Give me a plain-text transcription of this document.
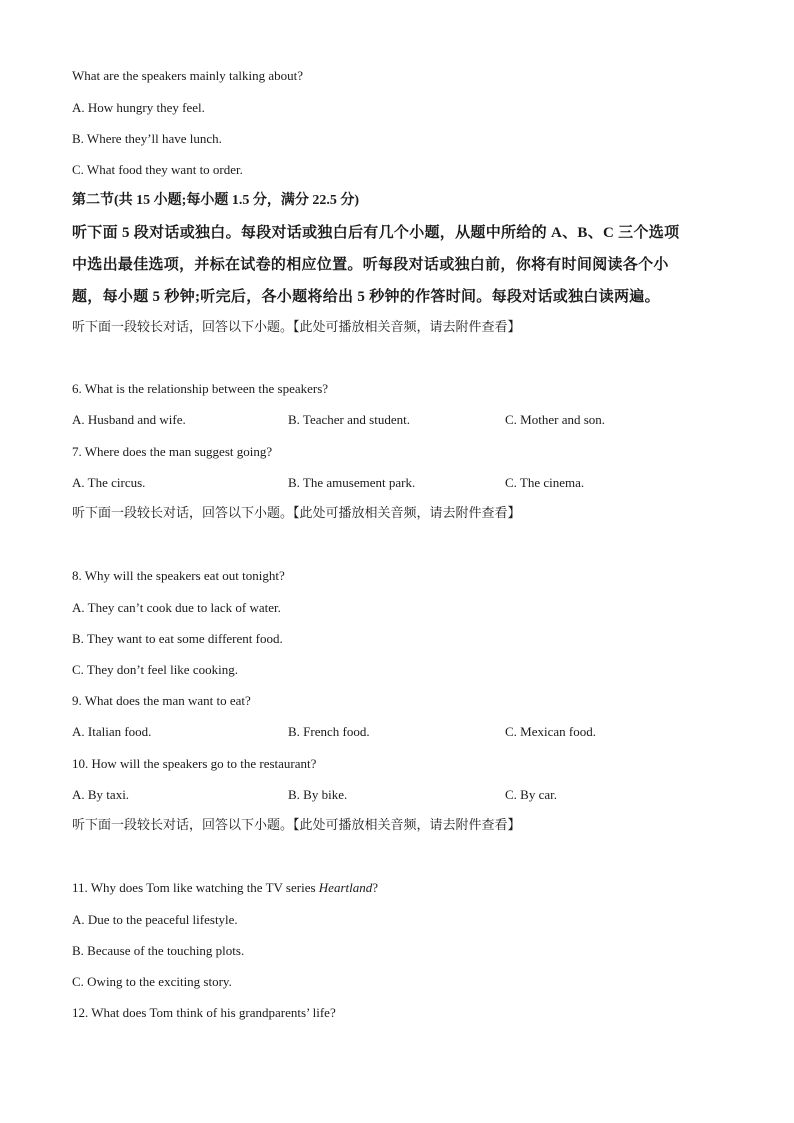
What are the speakers mainly talking about?
A. How hungry they feel.
B. Where they’ll have lunch.
C. What food they want to order.
第二节(共 15 小题;每小题 1.5 分，满分 22.5 分)
听下面 5 段对话或独白。每段对话或独白后有几个小题，从题中所给的 A、B、C 三个选项
中选出最佳选项，并标在试卷的相应位置。听每段对话或独白前，你将有时间阅读各个小
题，每小题 5 秒钟;听完后，各小题将给出 5 秒钟的作答时间。每段对话或独白读两遍。
听下面一段较长对话，回答以下小题。【此处可播放相关音频，请去附件查看】
6. What is the relationship between the speakers?
A. Husband and wife.	B. Teacher and student.	C. Mother and son.
7. Where does the man suggest going?
A. The circus.	B. The amusement park.	C. The cinema.
听下面一段较长对话，回答以下小题。【此处可播放相关音频，请去附件查看】
8. Why will the speakers eat out tonight?
A. They can’t cook due to lack of water.
B. They want to eat some different food.
C. They don’t feel like cooking.
9. What does the man want to eat?
A. Italian food.	B. French food.	C. Mexican food.
10. How will the speakers go to the restaurant?
A. By taxi.	B. By bike.	C. By car.
听下面一段较长对话，回答以下小题。【此处可播放相关音频，请去附件查看】
11. Why does Tom like watching the TV series Heartland?
A. Due to the peaceful lifestyle.
B. Because of the touching plots.
C. Owing to the exciting story.
12. What does Tom think of his grandparents’ life?
